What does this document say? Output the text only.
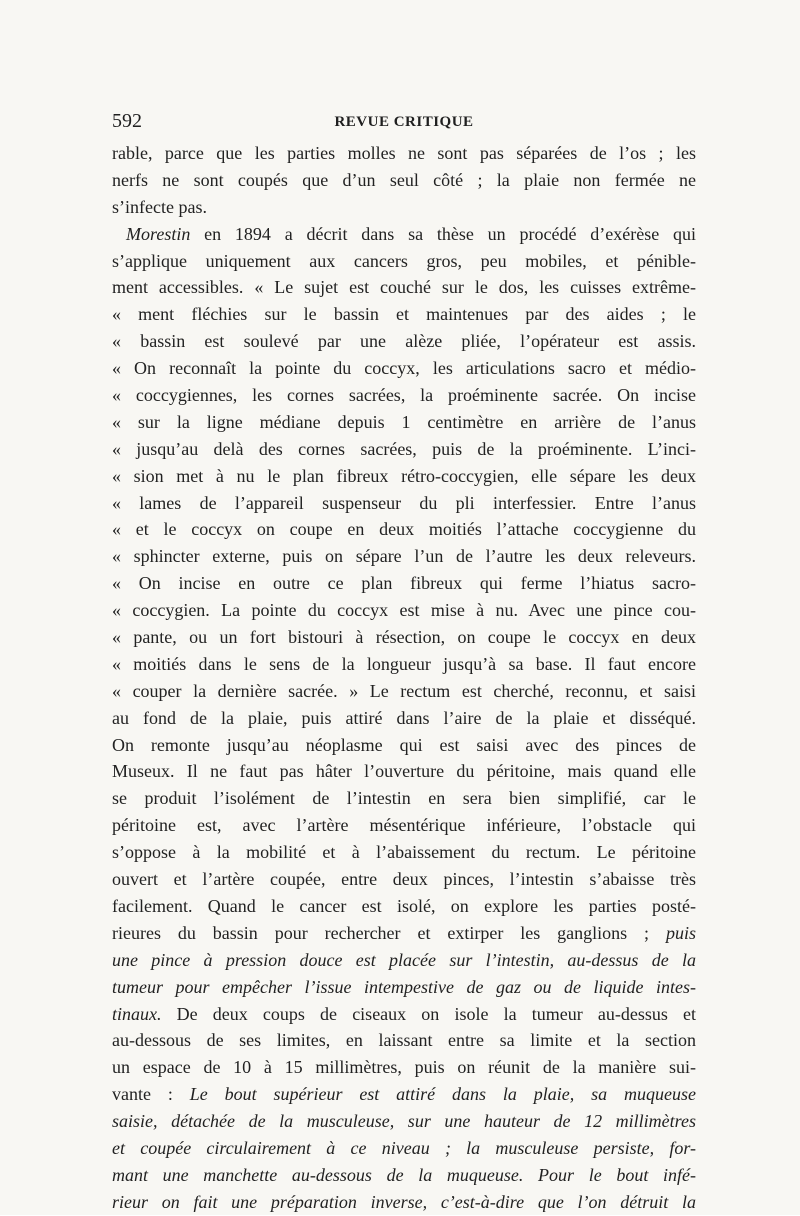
592	REVUE CRITIQUE
rable, parce que les parties molles ne sont pas séparées de l’os ; les
nerfs ne sont coupés que d’un seul côté ; la plaie non fermée ne
s’infecte pas.
Morestin en 1894 a décrit dans sa thèse un procédé d’exérèse qui
s’applique uniquement aux cancers gros, peu mobiles, et pénible-
ment accessibles. « Le sujet est couché sur le dos, les cuisses extrême-
« ment fléchies sur le bassin et maintenues par des aides ; le
« bassin est soulevé par une alèze pliée, l’opérateur est assis.
« On reconnaît la pointe du coccyx, les articulations sacro et médio-
« coccygiennes, les cornes sacrées, la proéminente sacrée. On incise
« sur la ligne médiane depuis 1 centimètre en arrière de l’anus
« jusqu’au delà des cornes sacrées, puis de la proéminente. L’inci-
« sion met à nu le plan fibreux rétro-coccygien, elle sépare les deux
« lames de l’appareil suspenseur du pli interfessier. Entre l’anus
« et le coccyx on coupe en deux moitiés l’attache coccygienne du
« sphincter externe, puis on sépare l’un de l’autre les deux releveurs.
« On incise en outre ce plan fibreux qui ferme l’hiatus sacro-
« coccygien. La pointe du coccyx est mise à nu. Avec une pince cou-
« pante, ou un fort bistouri à résection, on coupe le coccyx en deux
« moitiés dans le sens de la longueur jusqu’à sa base. Il faut encore
« couper la dernière sacrée. » Le rectum est cherché, reconnu, et saisi
au fond de la plaie, puis attiré dans l’aire de la plaie et disséqué.
On remonte jusqu’au néoplasme qui est saisi avec des pinces de
Museux. Il ne faut pas hâter l’ouverture du péritoine, mais quand elle
se produit l’isolément de l’intestin en sera bien simplifié, car le
péritoine est, avec l’artère mésentérique inférieure, l’obstacle qui
s’oppose à la mobilité et à l’abaissement du rectum. Le péritoine
ouvert et l’artère coupée, entre deux pinces, l’intestin s’abaisse très
facilement. Quand le cancer est isolé, on explore les parties posté-
rieures du bassin pour rechercher et extirper les ganglions ; puis
une pince à pression douce est placée sur l’intestin, au-dessus de la
tumeur pour empêcher l’issue intempestive de gaz ou de liquide intes-
tinaux. De deux coups de ciseaux on isole la tumeur au-dessus et
au-dessous de ses limites, en laissant entre sa limite et la section
un espace de 10 à 15 millimètres, puis on réunit de la manière sui-
vante : Le bout supérieur est attiré dans la plaie, sa muqueuse
saisie, détachée de la musculeuse, sur une hauteur de 12 millimètres
et coupée circulairement à ce niveau ; la musculeuse persiste, for-
mant une manchette au-dessous de la muqueuse. Pour le bout infé-
rieur on fait une préparation inverse, c’est-à-dire que l’on détruit la
